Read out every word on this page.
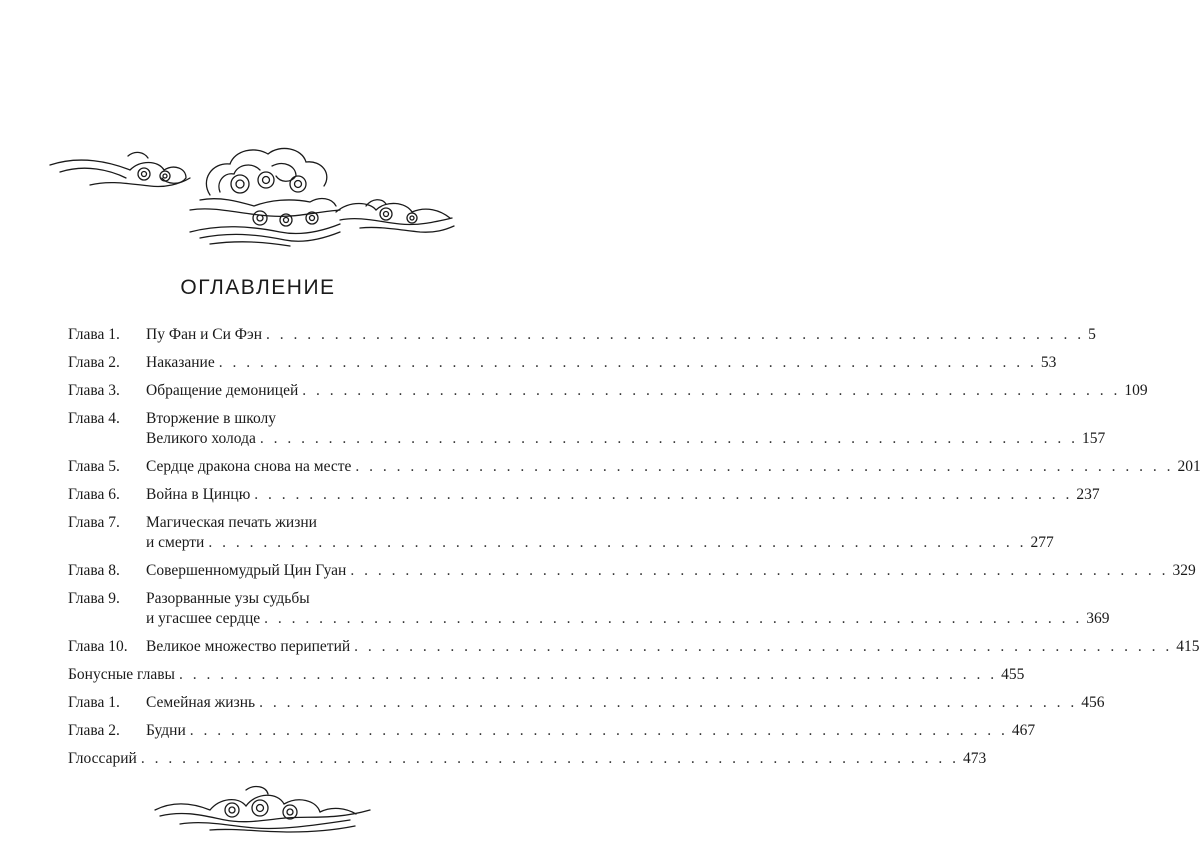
ОГЛАВЛЕНИЕ
Глава 1. Пу Фан и Си Фэн . . . . . . . . . . . . . . . . . . . . . . . . . . . . . . . . . . . . . . . . . . . . . . . . . . . . . . . . . . . . 5
Глава 2. Наказание . . . . . . . . . . . . . . . . . . . . . . . . . . . . . . . . . . . . . . . . . . . . . . . . . . . . . . . . . . . . 53
Глава 3. Обращение демоницей . . . . . . . . . . . . . . . . . . . . . . . . . . . . . . . . . . . . . . . . . . . . . . . . . . . . . . . . . . . . 109
Глава 4. Вторжение в школу
Великого холода . . . . . . . . . . . . . . . . . . . . . . . . . . . . . . . . . . . . . . . . . . . . . . . . . . . . . . . . . . . . 157
Глава 5. Сердце дракона снова на месте . . . . . . . . . . . . . . . . . . . . . . . . . . . . . . . . . . . . . . . . . . . . . . . . . . . . . . . . . . . . 201
Глава 6. Война в Цинцю . . . . . . . . . . . . . . . . . . . . . . . . . . . . . . . . . . . . . . . . . . . . . . . . . . . . . . . . . . . . 237
Глава 7. Магическая печать жизни
и смерти . . . . . . . . . . . . . . . . . . . . . . . . . . . . . . . . . . . . . . . . . . . . . . . . . . . . . . . . . . . . 277
Глава 8. Совершенномудрый Цин Гуан . . . . . . . . . . . . . . . . . . . . . . . . . . . . . . . . . . . . . . . . . . . . . . . . . . . . . . . . . . . . 329
Глава 9. Разорванные узы судьбы
и угасшее сердце . . . . . . . . . . . . . . . . . . . . . . . . . . . . . . . . . . . . . . . . . . . . . . . . . . . . . . . . . . . . 369
Глава 10. Великое множество перипетий . . . . . . . . . . . . . . . . . . . . . . . . . . . . . . . . . . . . . . . . . . . . . . . . . . . . . . . . . . . . 415
Бонусные главы . . . . . . . . . . . . . . . . . . . . . . . . . . . . . . . . . . . . . . . . . . . . . . . . . . . . . . . . . . . . 455
Глава 1. Семейная жизнь . . . . . . . . . . . . . . . . . . . . . . . . . . . . . . . . . . . . . . . . . . . . . . . . . . . . . . . . . . . . 456
Глава 2. Будни . . . . . . . . . . . . . . . . . . . . . . . . . . . . . . . . . . . . . . . . . . . . . . . . . . . . . . . . . . . . 467
Глоссарий . . . . . . . . . . . . . . . . . . . . . . . . . . . . . . . . . . . . . . . . . . . . . . . . . . . . . . . . . . . . 473
